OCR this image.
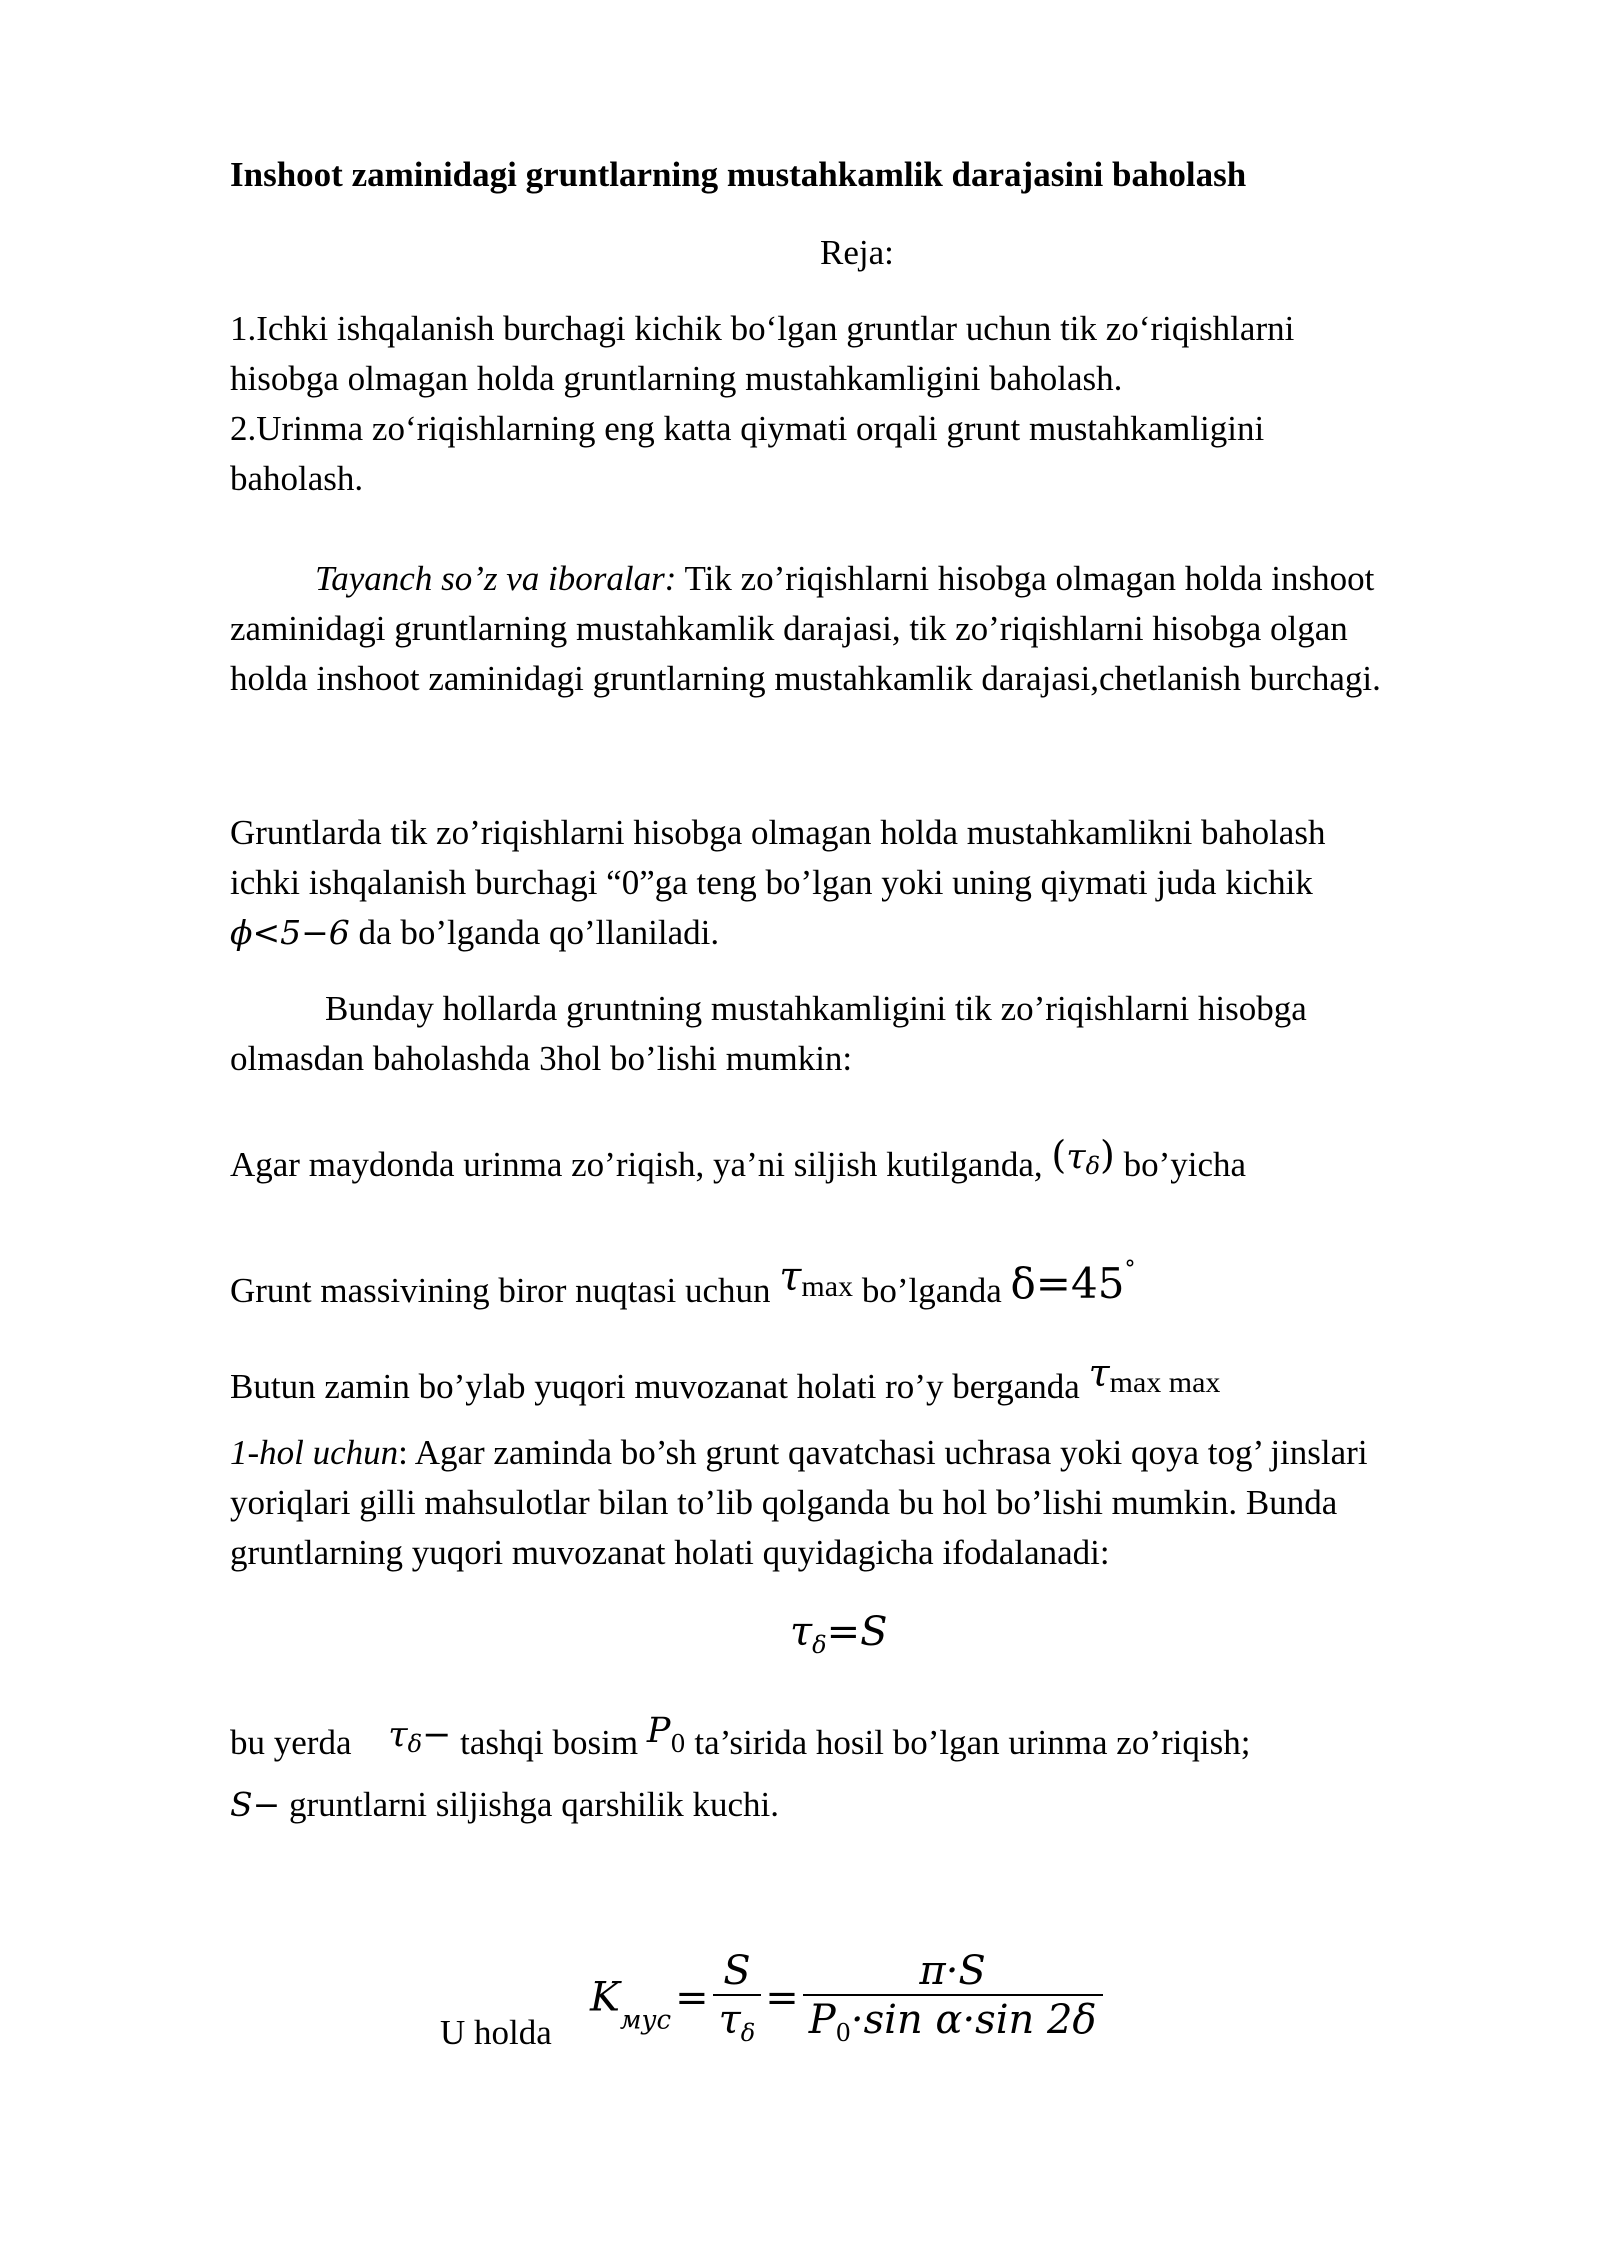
Inshoot zaminidagi gruntlarning mustahkamlik darajasini baholash
Reja:
1.Ichki ishqalanish burchagi kichik bo‘lgan gruntlar uchun tik zo‘riqishlarni
hisobga olmagan holda gruntlarning mustahkamligini baholash.
2.Urinma zo‘riqishlarning eng katta qiymati orqali grunt mustahkamligini
baholash.
Tayanch so’z va iboralar: Tik zo’riqishlarni hisobga olmagan holda inshoot
zaminidagi gruntlarning mustahkamlik darajasi, tik zo’riqishlarni hisobga olgan
holda inshoot zaminidagi gruntlarning mustahkamlik darajasi,chetlanish burchagi.
Gruntlarda tik zo’riqishlarni hisobga olmagan holda mustahkamlikni baholash
ichki ishqalanish burchagi “0”ga teng bo’lgan yoki uning qiymati juda kichik
ϕ<5−6 da bo’lganda qo’llaniladi.
Bunday hollarda gruntning mustahkamligini tik zo’riqishlarni hisobga
olmasdan baholashda 3hol bo’lishi mumkin:
Agar maydonda urinma zo’riqish, ya’ni siljish kutilganda, (τδ) bo’yicha
Grunt massivining biror nuqtasi uchun τmax bo’lganda δ=45°
Butun zamin bo’ylab yuqori muvozanat holati ro’y berganda τmax max
1-hol uchun: Agar zaminda bo’sh grunt qavatchasi uchrasa yoki qoya tog’ jinslari
yoriqlari gilli mahsulotlar bilan to’lib qolganda bu hol bo’lishi mumkin. Bunda
gruntlarning yuqori muvozanat holati quyidagicha ifodalanadi:
$\tau_\delta=S$
bu yerda τδ− tashqi bosim P0 ta’sirida hosil bo’lgan urinma zo’riqish;
S− gruntlarni siljishga qarshilik kuchi.
U holda
$K_{мус}= \frac{S}{\tau_\delta} = \frac{\pi\cdot S}{P_0\cdot\sin \alpha\cdot\sin 2\delta}$
